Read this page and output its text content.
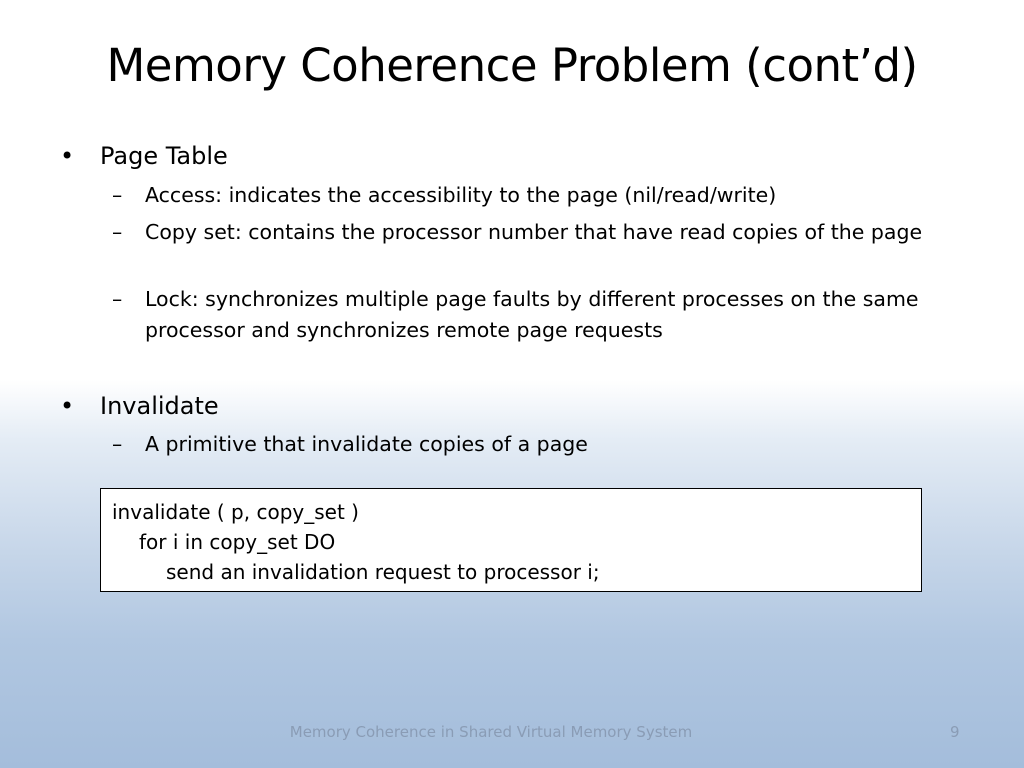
Memory Coherence Problem (cont’d)
• Page Table
–	Access: indicates the accessibility to the page (nil/read/write)
–	Copy set: contains the processor number that have read copies of the page
–	Lock: synchronizes multiple page faults by different processes on the same processor and synchronizes remote page requests
• Invalidate
–	A primitive that invalidate copies of a page
invalidate ( p, copy_set )
for i in copy_set DO
send an invalidation request to processor i;
Memory Coherence in Shared Virtual Memory System	9
